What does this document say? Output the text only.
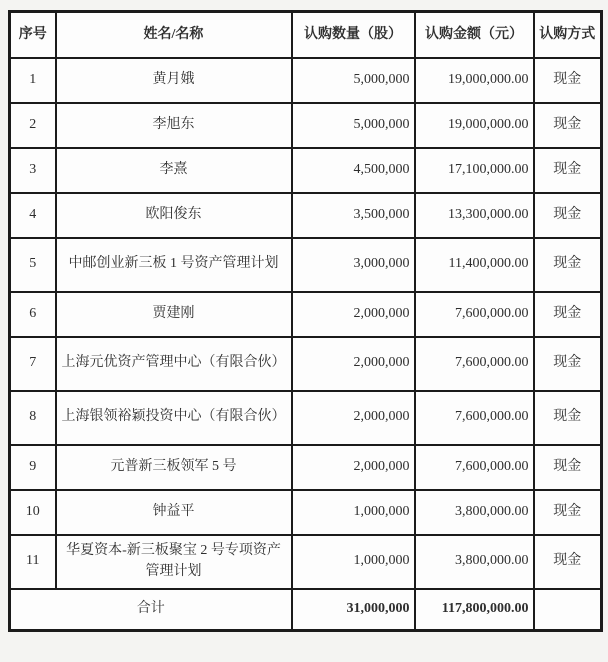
序号	姓名/名称	认购数量（股）	认购金额（元）	认购方式
1	黄月娥	5,000,000	19,000,000.00	现金
2	李旭东	5,000,000	19,000,000.00	现金
3	李熹	4,500,000	17,100,000.00	现金
4	欧阳俊东	3,500,000	13,300,000.00	现金
5	中邮创业新三板 1 号资产管理计划	3,000,000	11,400,000.00	现金
6	贾建刚	2,000,000	7,600,000.00	现金
7	上海元优资产管理中心（有限合伙）	2,000,000	7,600,000.00	现金
8	上海银领裕颖投资中心（有限合伙）	2,000,000	7,600,000.00	现金
9	元普新三板领军 5 号	2,000,000	7,600,000.00	现金
10	钟益平	1,000,000	3,800,000.00	现金
11	华夏资本-新三板聚宝 2 号专项资产管理计划	1,000,000	3,800,000.00	现金
合计		31,000,000	117,800,000.00	
